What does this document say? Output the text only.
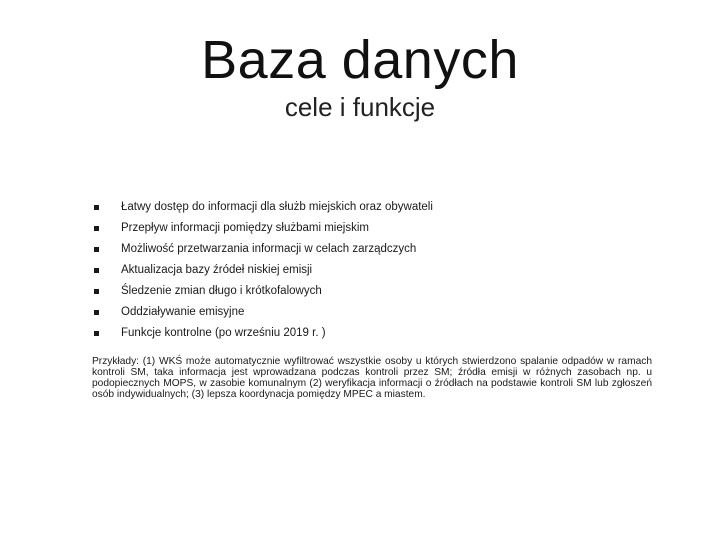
Baza danych
cele i funkcje
Łatwy dostęp do informacji dla służb miejskich oraz obywateli
Przepływ informacji pomiędzy służbami miejskim
Możliwość przetwarzania informacji w celach zarządczych
Aktualizacja bazy źródeł niskiej emisji
Śledzenie zmian długo i krótkofalowych
Oddziaływanie emisyjne
Funkcje kontrolne (po wrześniu 2019 r. )
Przykłady: (1) WKŚ może automatycznie wyfiltrować wszystkie osoby u których stwierdzono spalanie odpadów w ramach kontroli SM, taka informacja jest wprowadzana podczas kontroli przez SM; źródła emisji w różnych zasobach np. u podopiecznych MOPS, w zasobie komunalnym (2) weryfikacja informacji o źródłach na podstawie kontroli SM lub zgłoszeń osób indywidualnych; (3) lepsza koordynacja pomiędzy MPEC a miastem.
